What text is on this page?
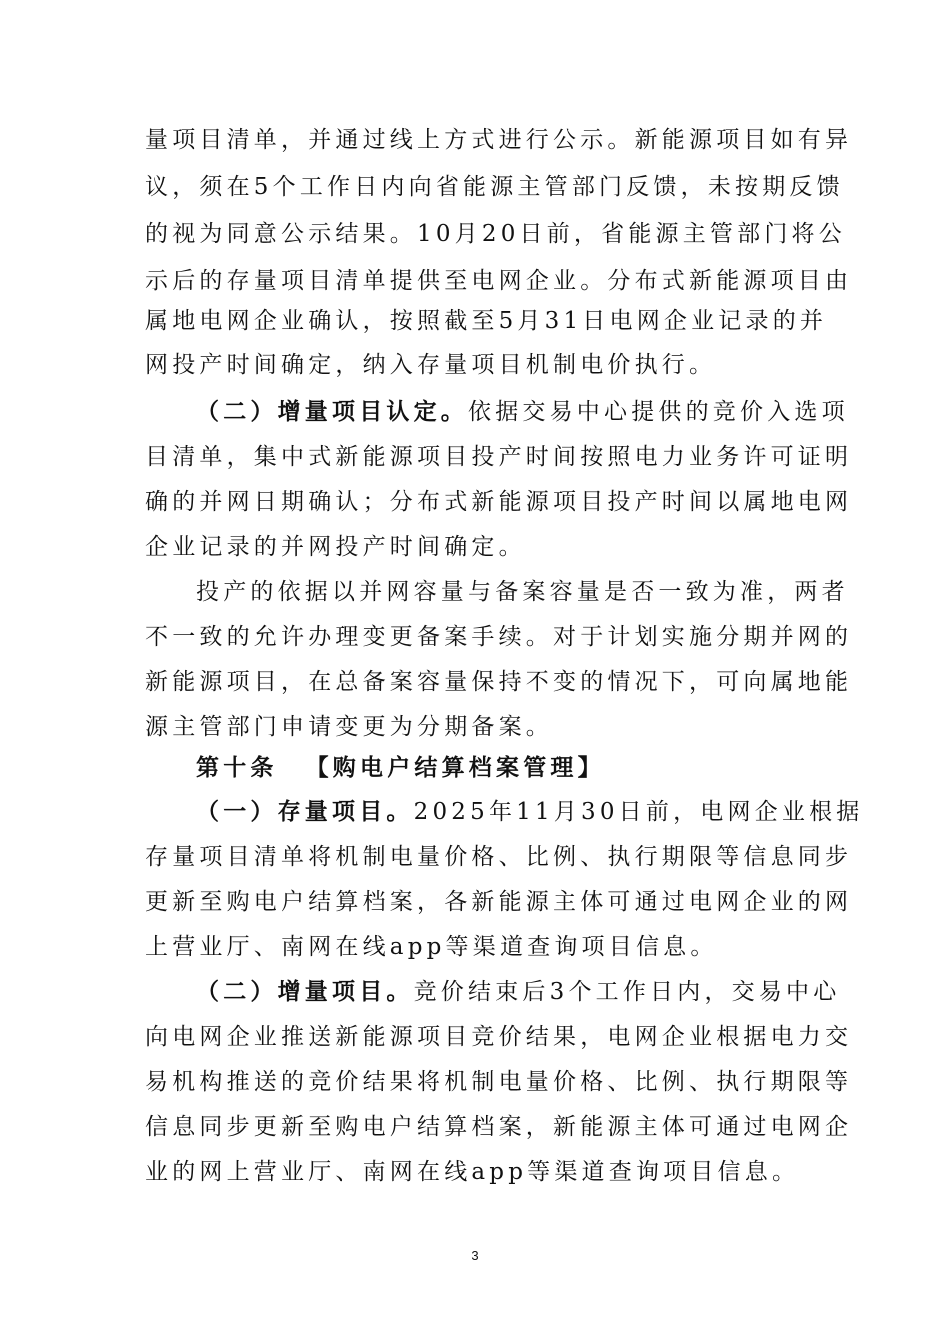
量项目清单，并通过线上方式进行公示。新能源项目如有异
议，须在5个工作日内向省能源主管部门反馈，未按期反馈
的视为同意公示结果。10月20日前，省能源主管部门将公
示后的存量项目清单提供至电网企业。分布式新能源项目由
属地电网企业确认，按照截至5月31日电网企业记录的并
网投产时间确定，纳入存量项目机制电价执行。
（二）增量项目认定。依据交易中心提供的竞价入选项
目清单，集中式新能源项目投产时间按照电力业务许可证明
确的并网日期确认；分布式新能源项目投产时间以属地电网
企业记录的并网投产时间确定。
投产的依据以并网容量与备案容量是否一致为准，两者
不一致的允许办理变更备案手续。对于计划实施分期并网的
新能源项目，在总备案容量保持不变的情况下，可向属地能
源主管部门申请变更为分期备案。
第十条 【购电户结算档案管理】
（一）存量项目。2025年11月30日前，电网企业根据
存量项目清单将机制电量价格、比例、执行期限等信息同步
更新至购电户结算档案，各新能源主体可通过电网企业的网
上营业厅、南网在线app等渠道查询项目信息。
（二）增量项目。竞价结束后3个工作日内，交易中心
向电网企业推送新能源项目竞价结果，电网企业根据电力交
易机构推送的竞价结果将机制电量价格、比例、执行期限等
信息同步更新至购电户结算档案，新能源主体可通过电网企
业的网上营业厅、南网在线app等渠道查询项目信息。
3
